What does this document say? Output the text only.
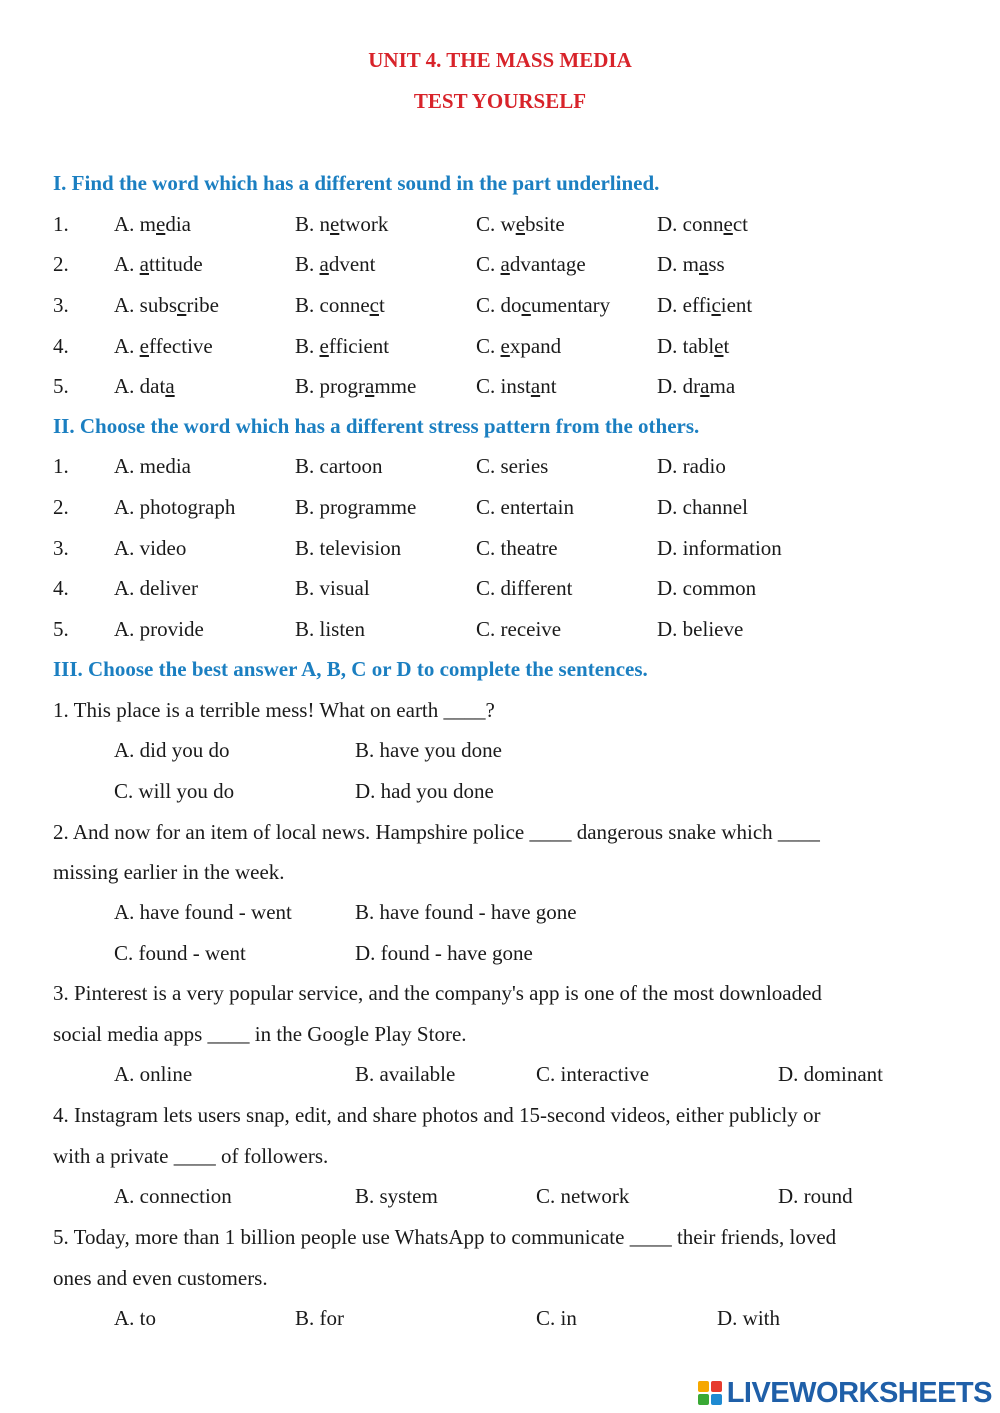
UNIT 4. THE MASS MEDIA
TEST YOURSELF
I. Find the word which has a different sound in the part underlined.
1. A. media	B. network	C. website	D. connect
2. A. attitude	B. advent	C. advantage	D. mass
3. A. subscribe	B. connect	C. documentary D. efficient
4. A. effective	B. efficient	C. expand	D. tablet
5. A. data	B. programme	C. instant	D. drama
II. Choose the word which has a different stress pattern from the others.
1. A. media	B. cartoon	C. series	D. radio
2. A. photograph	B. programme	C. entertain	D. channel
3. A. video	B. television	C. theatre	D. information
4. A. deliver	B. visual	C. different	D. common
5. A. provide	B. listen	C. receive	D. believe
III. Choose the best answer A, B, C or D to complete the sentences.
1. This place is a terrible mess! What on earth ____?
A. did you do	B. have you done
C. will you do	D. had you done
2. And now for an item of local news. Hampshire police ____ dangerous snake which ____
missing earlier in the week.
A. have found - went	B. have found - have gone
C. found - went	D. found - have gone
3. Pinterest is a very popular service, and the company's app is one of the most downloaded
social media apps ____ in the Google Play Store.
A. online	B. available	C. interactive	D. dominant
4. Instagram lets users snap, edit, and share photos and 15-second videos, either publicly or
with a private ____ of followers.
A. connection	B. system	C. network	D. round
5. Today, more than 1 billion people use WhatsApp to communicate ____ their friends, loved
ones and even customers.
A. to	B. for	C. in	D. with
LIVEWORKSHEETS
